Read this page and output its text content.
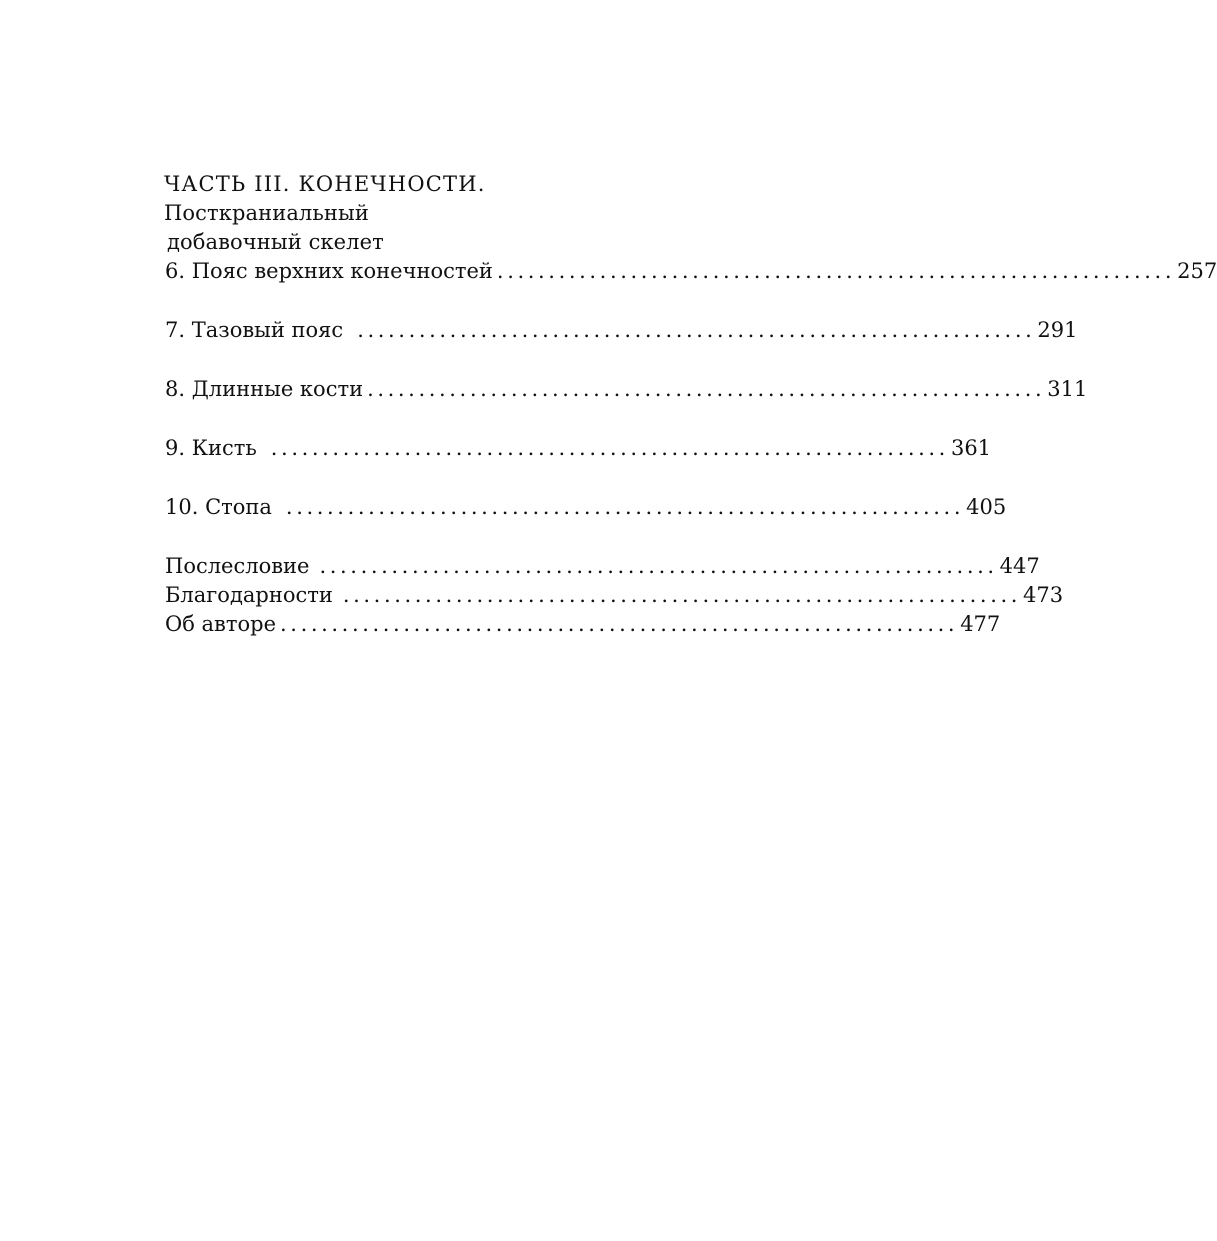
ЧАСТЬ III. КОНЕЧНОСТИ. Посткраниальный
добавочный скелет
6. Пояс верхних конечностей .................................................................. 257
7. Тазовый пояс .................................................................. 291
8. Длинные кости .................................................................. 311
9. Кисть .................................................................. 361
10. Стопа .................................................................. 405
Послесловие .................................................................. 447
Благодарности .................................................................. 473
Об авторе .................................................................. 477
